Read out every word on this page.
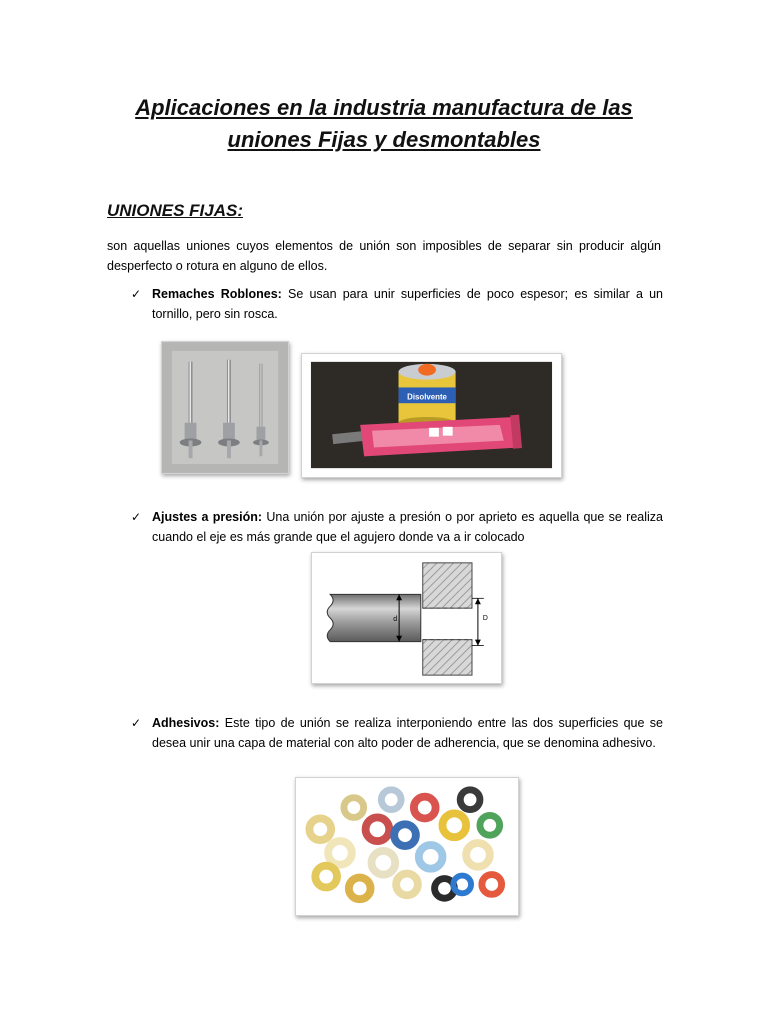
Aplicaciones en la industria manufactura de las
uniones Fijas y desmontables
UNIONES FIJAS:
son aquellas uniones cuyos elementos de unión son imposibles de separar sin producir algún desperfecto o rotura en alguno de ellos.
✓ Remaches Roblones: Se usan para unir superficies de poco espesor; es similar a un tornillo, pero sin rosca.
Disolvente
✓ Ajustes a presión: Una unión por ajuste a presión o por aprieto es aquella que se realiza cuando el eje es más grande que el agujero donde va a ir colocado
d	D
✓ Adhesivos: Este tipo de unión se realiza interponiendo entre las dos superficies que se desea unir una capa de material con alto poder de adherencia, que se denomina adhesivo.
